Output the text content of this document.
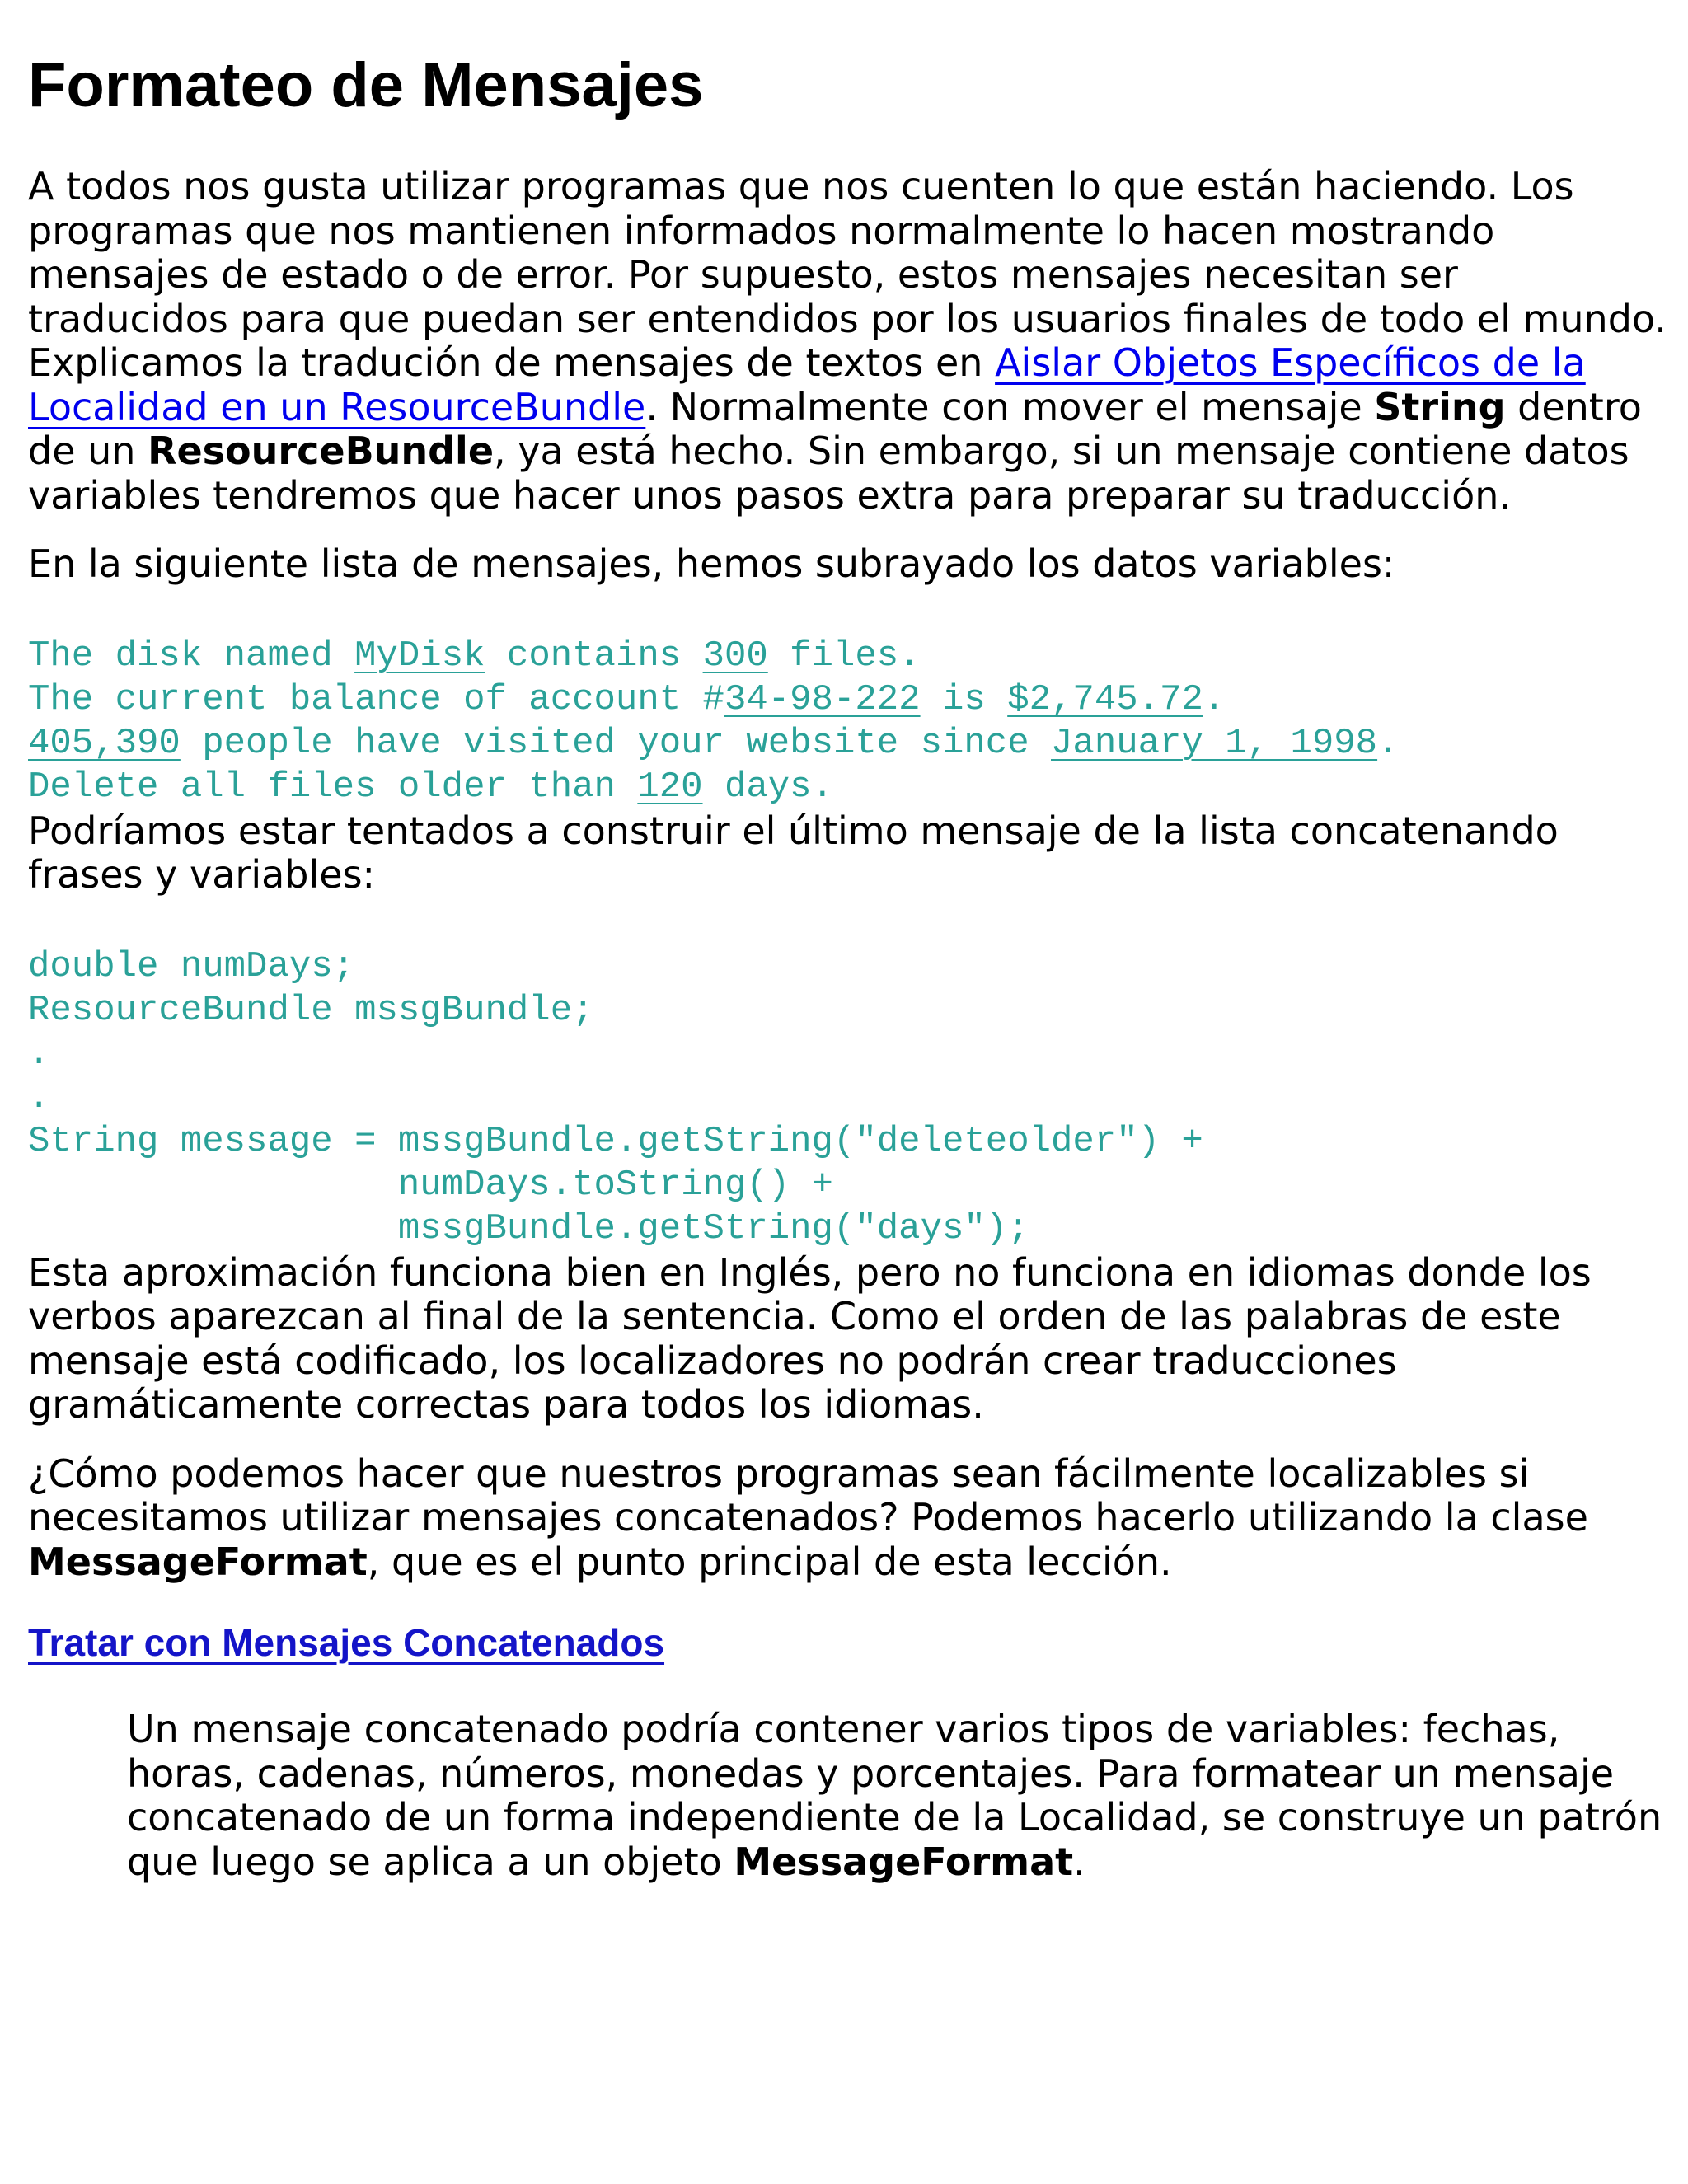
Formateo de Mensajes

A todos nos gusta utilizar programas que nos cuenten lo que están haciendo. Los programas que nos mantienen informados normalmente lo hacen mostrando mensajes de estado o de error. Por supuesto, estos mensajes necesitan ser traducidos para que puedan ser entendidos por los usuarios finales de todo el mundo. Explicamos la tradución de mensajes de textos en Aislar Objetos Específicos de la Localidad en un ResourceBundle. Normalmente con mover el mensaje String dentro de un ResourceBundle, ya está hecho. Sin embargo, si un mensaje contiene datos variables tendremos que hacer unos pasos extra para preparar su traducción.

En la siguiente lista de mensajes, hemos subrayado los datos variables:

The disk named MyDisk contains 300 files.
The current balance of account #34-98-222 is $2,745.72.
405,390 people have visited your website since January 1, 1998.
Delete all files older than 120 days.

Podríamos estar tentados a construir el último mensaje de la lista concatenando frases y variables:

double numDays;
ResourceBundle mssgBundle;
.
.
String message = mssgBundle.getString("deleteolder") +
numDays.toString() +
mssgBundle.getString("days");

Esta aproximación funciona bien en Inglés, pero no funciona en idiomas donde los verbos aparezcan al final de la sentencia. Como el orden de las palabras de este mensaje está codificado, los localizadores no podrán crear traducciones gramáticamente correctas para todos los idiomas.

¿Cómo podemos hacer que nuestros programas sean fácilmente localizables si necesitamos utilizar mensajes concatenados? Podemos hacerlo utilizando la clase MessageFormat, que es el punto principal de esta lección.

Tratar con Mensajes Concatenados

Un mensaje concatenado podría contener varios tipos de variables: fechas, horas, cadenas, números, monedas y porcentajes. Para formatear un mensaje concatenado de un forma independiente de la Localidad, se construye un patrón que luego se aplica a un objeto MessageFormat.
